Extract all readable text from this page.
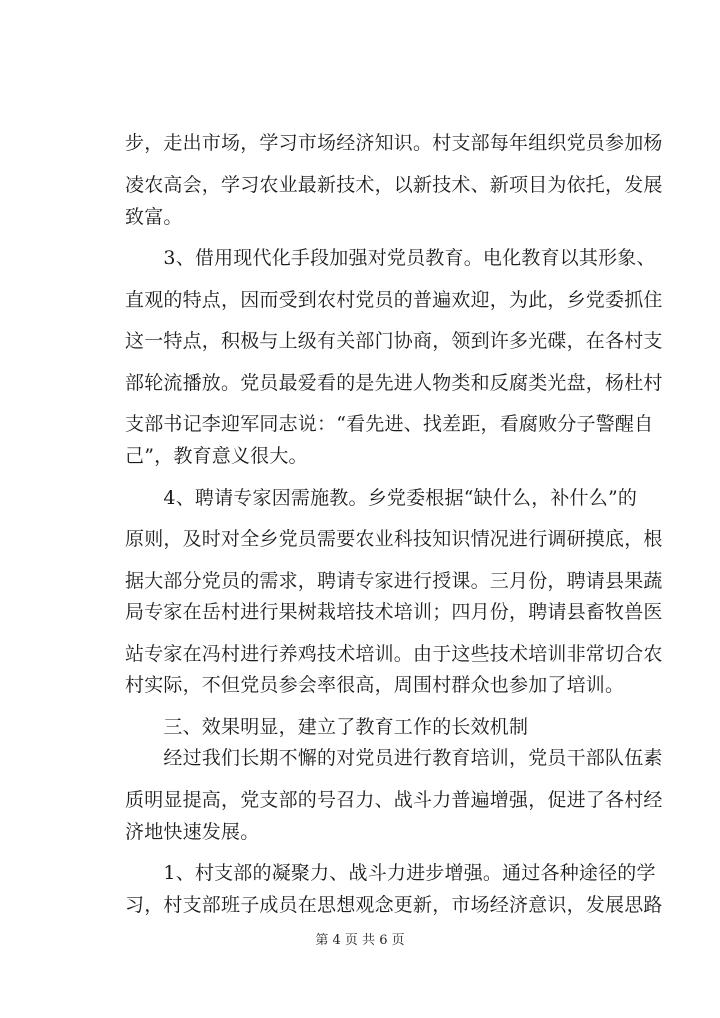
步，走出市场，学习市场经济知识。村支部每年组织党员参加杨
凌农高会，学习农业最新技术，以新技术、新项目为依托，发展
致富。
　　3、借用现代化手段加强对党员教育。电化教育以其形象、
直观的特点，因而受到农村党员的普遍欢迎，为此，乡党委抓住
这一特点，积极与上级有关部门协商，领到许多光碟，在各村支
部轮流播放。党员最爱看的是先进人物类和反腐类光盘，杨杜村
支部书记李迎军同志说：“看先进、找差距，看腐败分子警醒自
己”，教育意义很大。
　　4、聘请专家因需施教。乡党委根据“缺什么，补什么”的
原则，及时对全乡党员需要农业科技知识情况进行调研摸底，根
据大部分党员的需求，聘请专家进行授课。三月份，聘请县果蔬
局专家在岳村进行果树栽培技术培训；四月份，聘请县畜牧兽医
站专家在冯村进行养鸡技术培训。由于这些技术培训非常切合农
村实际，不但党员参会率很高，周围村群众也参加了培训。
　　三、效果明显，建立了教育工作的长效机制
　　经过我们长期不懈的对党员进行教育培训，党员干部队伍素
质明显提高，党支部的号召力、战斗力普遍增强，促进了各村经
济地快速发展。
　　1、村支部的凝聚力、战斗力进步增强。通过各种途径的学
习，村支部班子成员在思想观念更新，市场经济意识，发展思路
第 4 页 共 6 页
